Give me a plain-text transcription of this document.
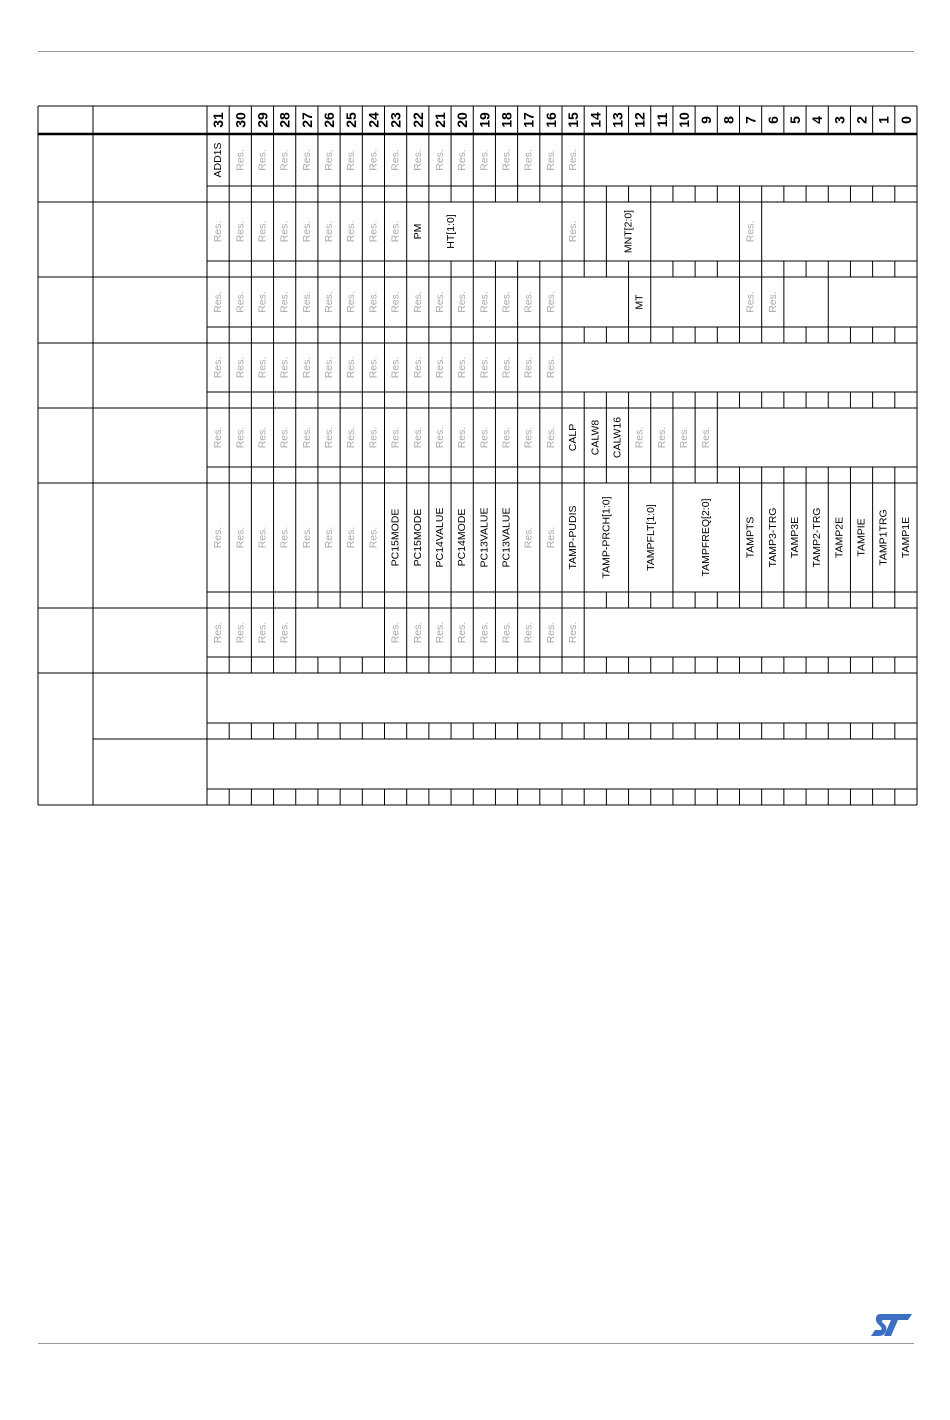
31 30 29 28 27 26 25 24 23 22 21 20 19 18 17 16 15 14 13 12 11 10 9 8 7 6 5 4 3 2 1 0
ADD1S Res. Res. Res. Res. Res. Res. Res. Res. Res. Res. Res. Res. Res. Res. Res. Res.
Res. Res. Res. Res. Res. Res. Res. Res. Res. PM HT[1:0]	Res.	MNT[2:0]	Res.
Res. Res. Res. Res. Res. Res. Res. Res. Res. Res. Res. Res. Res. Res. Res. Res.	MT	Res. Res.
Res. Res. Res. Res. Res. Res. Res. Res. Res. Res. Res. Res. Res. Res. Res. Res.
Res. Res. Res. Res. Res. Res. Res. Res. Res. Res. Res. Res. Res. Res. Res. Res. CALP CALW8 CALW16 Res. Res. Res. Res.
Res. Res. Res. Res. Res. Res. Res. Res. PC15MODE PC15MODE PC14VALUE PC14MODE PC13VALUE PC13VALUE Res. Res. TAMP-PUDIS TAMP-PRCH[1:0]	TAMPFLT[1:0]	TAMPFREQ[2:0]	TAMPTS TAMP3-TRG TAMP3E TAMP2-TRG TAMP2E TAMPIE TAMP1TRG TAMP1E
Res. Res. Res. Res.	Res. Res. Res. Res. Res. Res. Res. Res. Res.
